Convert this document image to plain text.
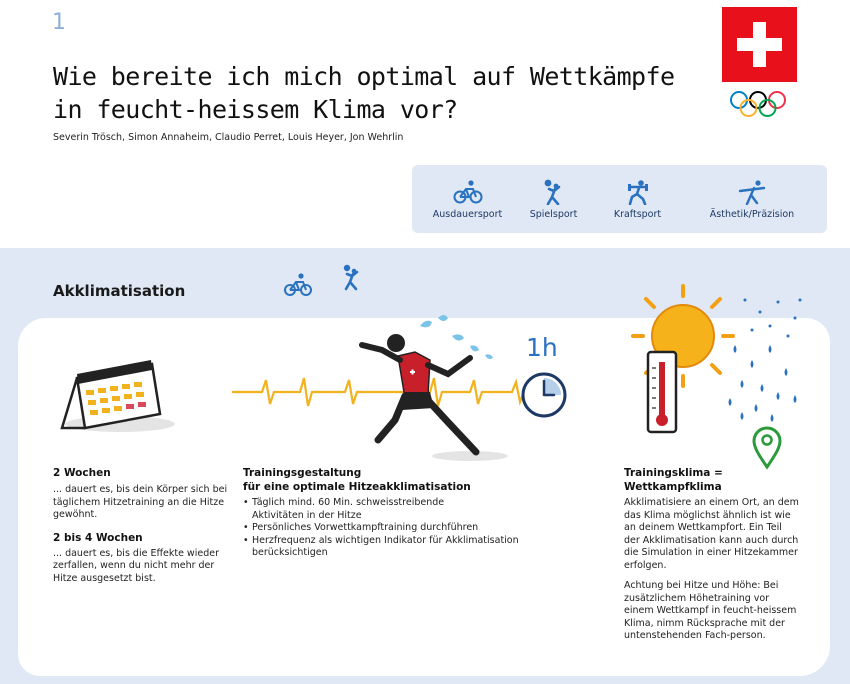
1
Wie bereite ich mich optimal auf Wettkämpfe in feucht-heissem Klima vor?
Severin Trösch, Simon Annaheim, Claudio Perret, Louis Heyer, Jon Wehrlin
Ausdauersport	Spielsport	Kraftsport	Ästhetik/Präzision
Akklimatisation
1h
2 Wochen

... dauert es, bis dein Körper sich bei täglichem Hitzetraining an die Hitze gewöhnt.

2 bis 4 Wochen

... dauert es, bis die Effekte wieder zerfallen, wenn du nicht mehr der Hitze ausgesetzt bist.

Trainingsgestaltung
für eine optimale Hitzeakklimatisation
• Täglich mind. 60 Min. schweisstreibende Aktivitäten in der Hitze
• Persönliches Vorwettkampftraining durchführen
• Herzfrequenz als wichtigen Indikator für Akklimatisation berücksichtigen
Trainingsklima =
Wettkampfklima

Akklimatisiere an einem Ort, an dem das Klima möglichst ähnlich ist wie an deinem Wettkampfort. Ein Teil der Akklimatisation kann auch durch die Simulation in einer Hitzekammer erfolgen.

Achtung bei Hitze und Höhe: Bei zusätzlichem Höhetraining vor einem Wettkampf in feucht-heissem Klima, nimm Rücksprache mit der untenstehenden Fach-person.
